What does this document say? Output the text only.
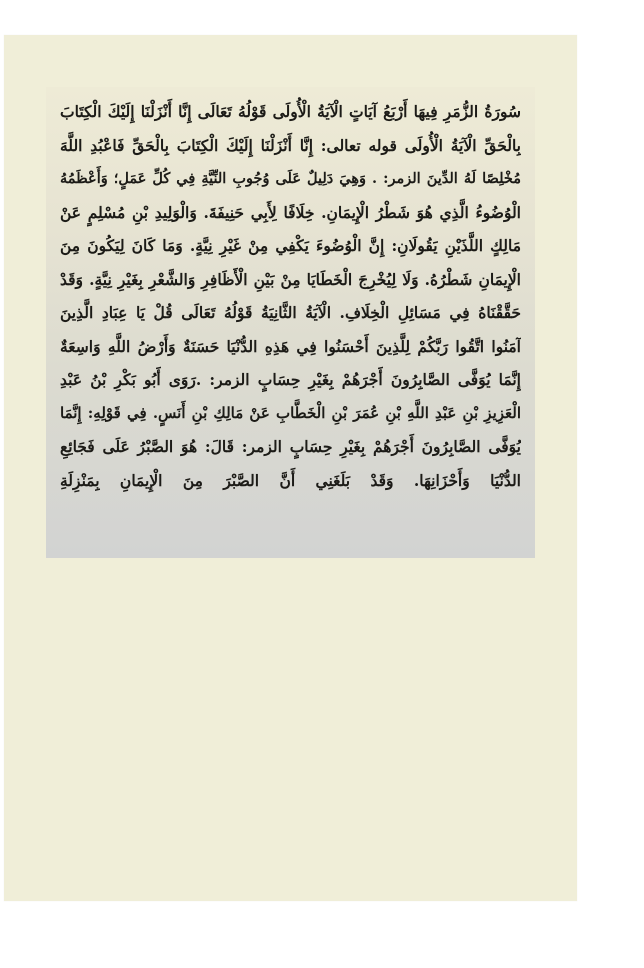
سُورَةُ الزُّمَرِ فِيهَا أَرْبَعُ آيَاتٍ الْآيَةُ الْأُولَى قَوْلُهُ تَعَالَى إِنَّا أَنْزَلْنَا إِلَيْكَ الْكِتَابَ
بِالْحَقِّ الْآيَةُ الْأُولَى قوله تعالى: إِنَّا أَنْزَلْنَا إِلَيْكَ الْكِتَابَ بِالْحَقِّ فَاعْبُدِ اللَّهَ
مُخْلِصًا لَهُ الدِّينَ الزمر: . وَهِيَ دَلِيلٌ عَلَى وُجُوبِ النِّيَّةِ فِي كُلِّ عَمَلٍ؛ وَأَعْظَمُهُ
الْوُضُوءُ الَّذِي هُوَ شَطْرُ الْإِيمَانِ. خِلَافًا لِأَبِي حَنِيفَةَ. وَالْوَلِيدِ بْنِ مُسْلِمٍ عَنْ
مَالِكٍ اللَّذَيْنِ يَقُولَانِ: إِنَّ الْوُضُوءَ يَكْفِي مِنْ غَيْرِ نِيَّةٍ. وَمَا كَانَ لِيَكُونَ مِنَ
الْإِيمَانِ شَطْرُهُ. وَلَا لِيُخْرِجَ الْخَطَايَا مِنْ بَيْنِ الْأَظَافِرِ وَالشَّعْرِ بِغَيْرِ نِيَّةٍ. وَقَدْ
حَقَّقْنَاهُ فِي مَسَائِلِ الْخِلَافِ. الْآيَةُ الثَّانِيَةُ قَوْلُهُ تَعَالَى قُلْ يَا عِبَادِ الَّذِينَ
آمَنُوا اتَّقُوا رَبَّكُمْ لِلَّذِينَ أَحْسَنُوا فِي هَذِهِ الدُّنْيَا حَسَنَةٌ وَأَرْضُ اللَّهِ وَاسِعَةٌ
إِنَّمَا يُوَفَّى الصَّابِرُونَ أَجْرَهُمْ بِغَيْرِ حِسَابٍ الزمر: .رَوَى أَبُو بَكْرِ بْنُ عَبْدِ
الْعَزِيزِ بْنِ عَبْدِ اللَّهِ بْنِ عُمَرَ بْنِ الْخَطَّابِ عَنْ مَالِكِ بْنِ أَنَسٍ. فِي قَوْلِهِ: إِنَّمَا
يُوَفَّى الصَّابِرُونَ أَجْرَهُمْ بِغَيْرِ حِسَابٍ الزمر: قَالَ: هُوَ الصَّبْرُ عَلَى فَجَائِعِ
الدُّنْيَا وَأَحْزَانِهَا. وَقَدْ بَلَغَنِي أَنَّ الصَّبْرَ مِنَ الْإِيمَانِ بِمَنْزِلَةِ
